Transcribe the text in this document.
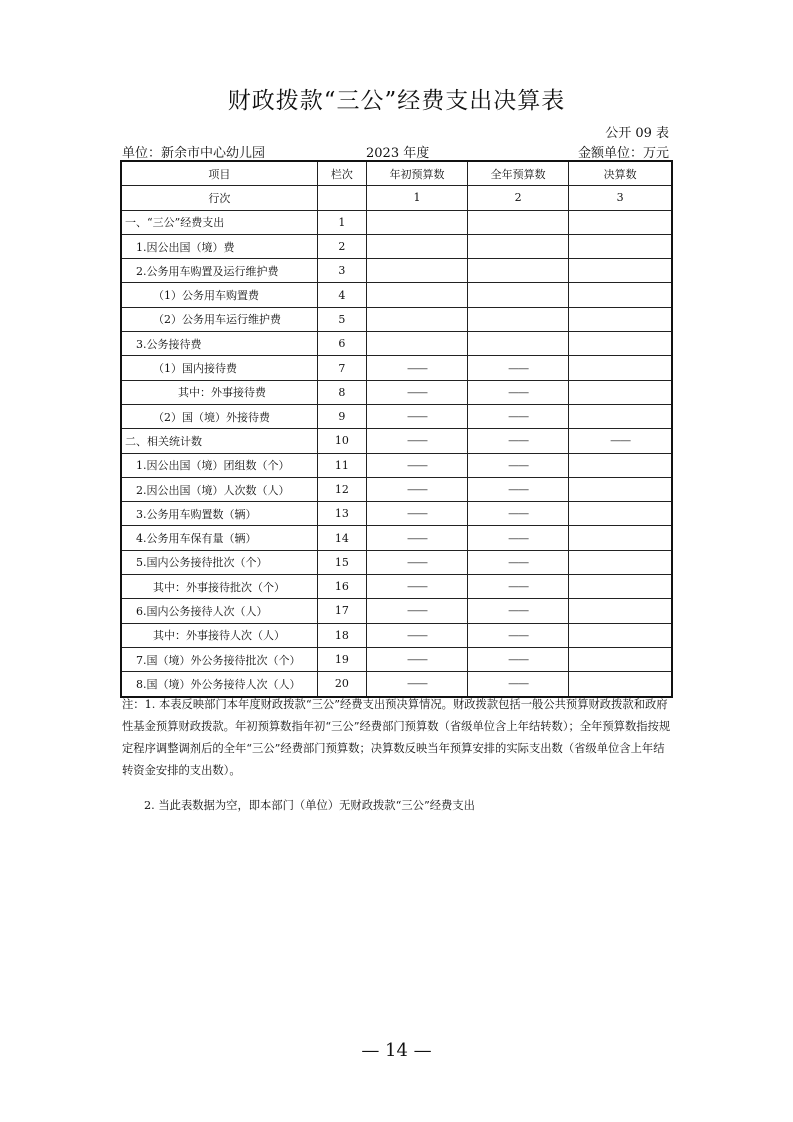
财政拨款“三公”经费支出决算表
公开 09 表
单位：新余市中心幼儿园	2023 年度	金额单位：万元
项目	栏次	年初预算数	全年预算数	决算数
行次		1	2	3
一、“三公”经费支出	1			
1.因公出国（境）费	2			
2.公务用车购置及运行维护费	3			
（1）公务用车购置费	4			
（2）公务用车运行维护费	5			
3.公务接待费	6			
（1）国内接待费	7	——	——	
其中：外事接待费	8	——	——	
（2）国（境）外接待费	9	——	——	
二、相关统计数	10	——	——	——
1.因公出国（境）团组数（个）	11	——	——	
2.因公出国（境）人次数（人）	12	——	——	
3.公务用车购置数（辆）	13	——	——	
4.公务用车保有量（辆）	14	——	——	
5.国内公务接待批次（个）	15	——	——	
其中：外事接待批次（个）	16	——	——	
6.国内公务接待人次（人）	17	——	——	
其中：外事接待人次（人）	18	——	——	
7.国（境）外公务接待批次（个）	19	——	——	
8.国（境）外公务接待人次（人）	20	——	——	
注：1. 本表反映部门本年度财政拨款“三公”经费支出预决算情况。财政拨款包括一般公共预算财政拨款和政府性基金预算财政拨款。年初预算数指年初“三公”经费部门预算数（省级单位含上年结转数）；全年预算数指按规定程序调整调剂后的全年“三公”经费部门预算数；决算数反映当年预算安排的实际支出数（省级单位含上年结转资金安排的支出数）。
2. 当此表数据为空，即本部门（单位）无财政拨款“三公”经费支出
— 14 —
